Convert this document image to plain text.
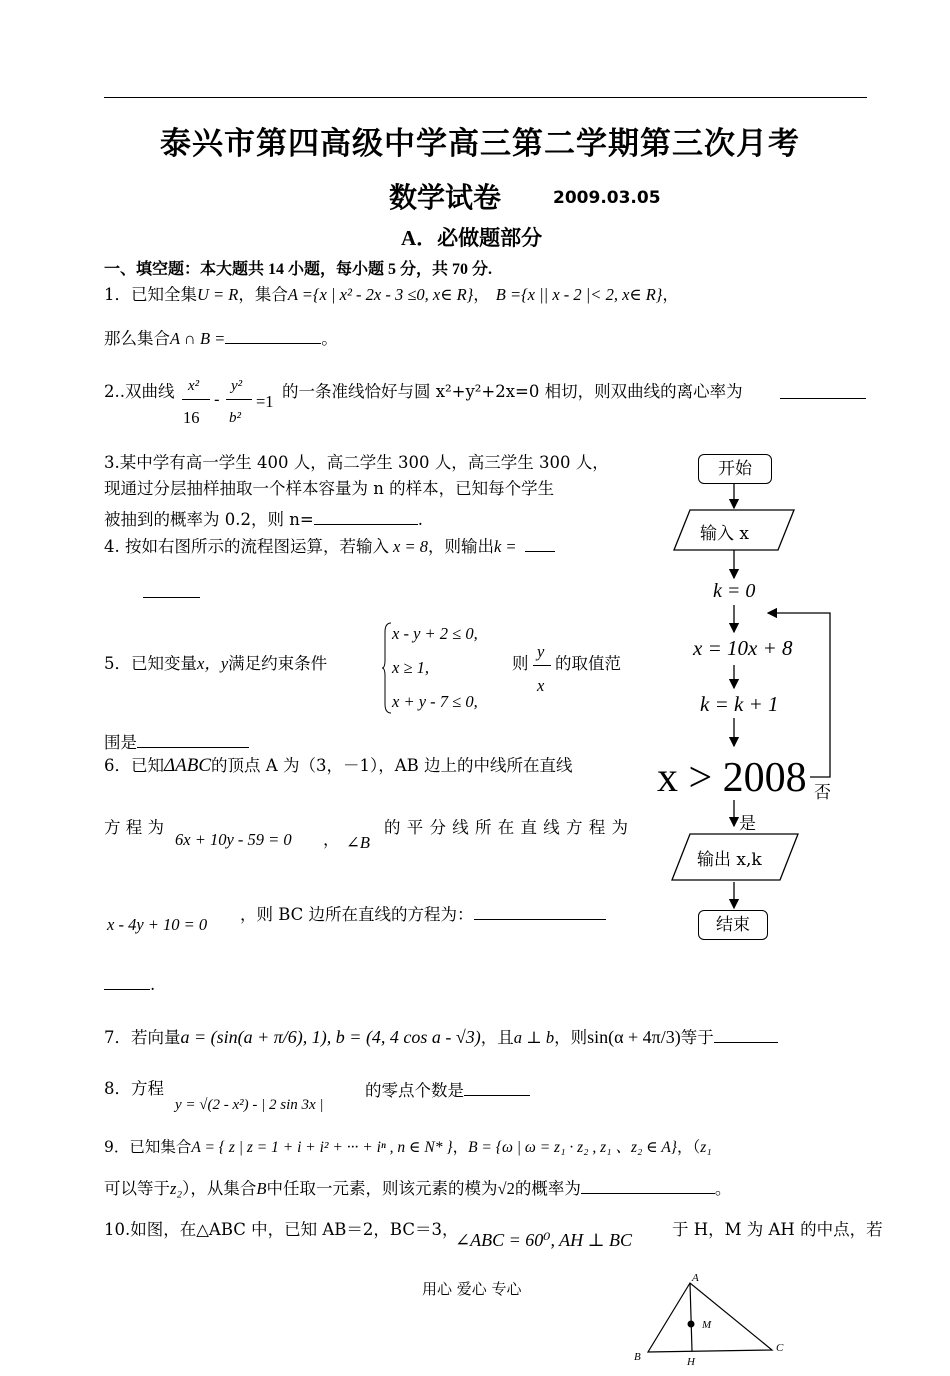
泰兴市第四高级中学高三第二学期第三次月考
数学试卷	2009.03.05
A．必做题部分
一、填空题：本大题共 14 小题，每小题 5 分，共 70 分.
1．已知全集U = R，集合A ={x | x² - 2x - 3 ≤0, x∈ R}， B ={x || x - 2 |< 2, x∈ R}，
那么集合A ∩ B =	。
2..双曲线 x²
16
-
y²
b²
=1
的一条准线恰好与圆 x²+y²+2x=0 相切，则双曲线的离心率为
3.某中学有高一学生 400 人，高二学生 300 人，高三学生 300 人，
现通过分层抽样抽取一个样本容量为 n 的样本，已知每个学生
被抽到的概率为 0.2，则 n=	.
4. 按如右图所示的流程图运算，若输入 x = 8，则输出k =
5．已知变量x，y满足约束条件
x - y + 2 ≤ 0,
x ≥ 1,
x + y - 7 ≤ 0,
则
y
x
的取值范
围是
6．已知ΔABC的顶点 A 为（3，－1），AB 边上的中线所在直线
方 程 为
6x + 10y - 59 = 0 ， ∠B
的 平 分 线 所 在 直 线 方 程 为
x - 4y + 10 = 0
，则 BC 边所在直线的方程为：
.
7．若向量a = (sin(a + π/6), 1), b = (4, 4 cos a - √3)，且a ⊥ b，则sin(α + 4π/3)等于
8．方程
y = √(2 - x²) - | 2 sin 3x |
的零点个数是
9．已知集合A = { z | z = 1 + i + i² + ··· + iⁿ , n ∈ N* }，B = {ω | ω = z₁ · z₂ , z₁ 、z₂ ∈ A}，（z₁
可以等于z₂），从集合B中任取一元素，则该元素的模为√2的概率为	。
10.如图，在△ABC 中，已知 AB＝2，BC＝3，
∠ABC = 60⁰, AH ⊥ BC
于 H，M 为 AH 的中点，若
用心 爱心 专心
开始
输入 x
k = 0
x = 10x + 8
k = k + 1
x > 2008 否
是
输出 x,k
结束
A
B
C
H
M
